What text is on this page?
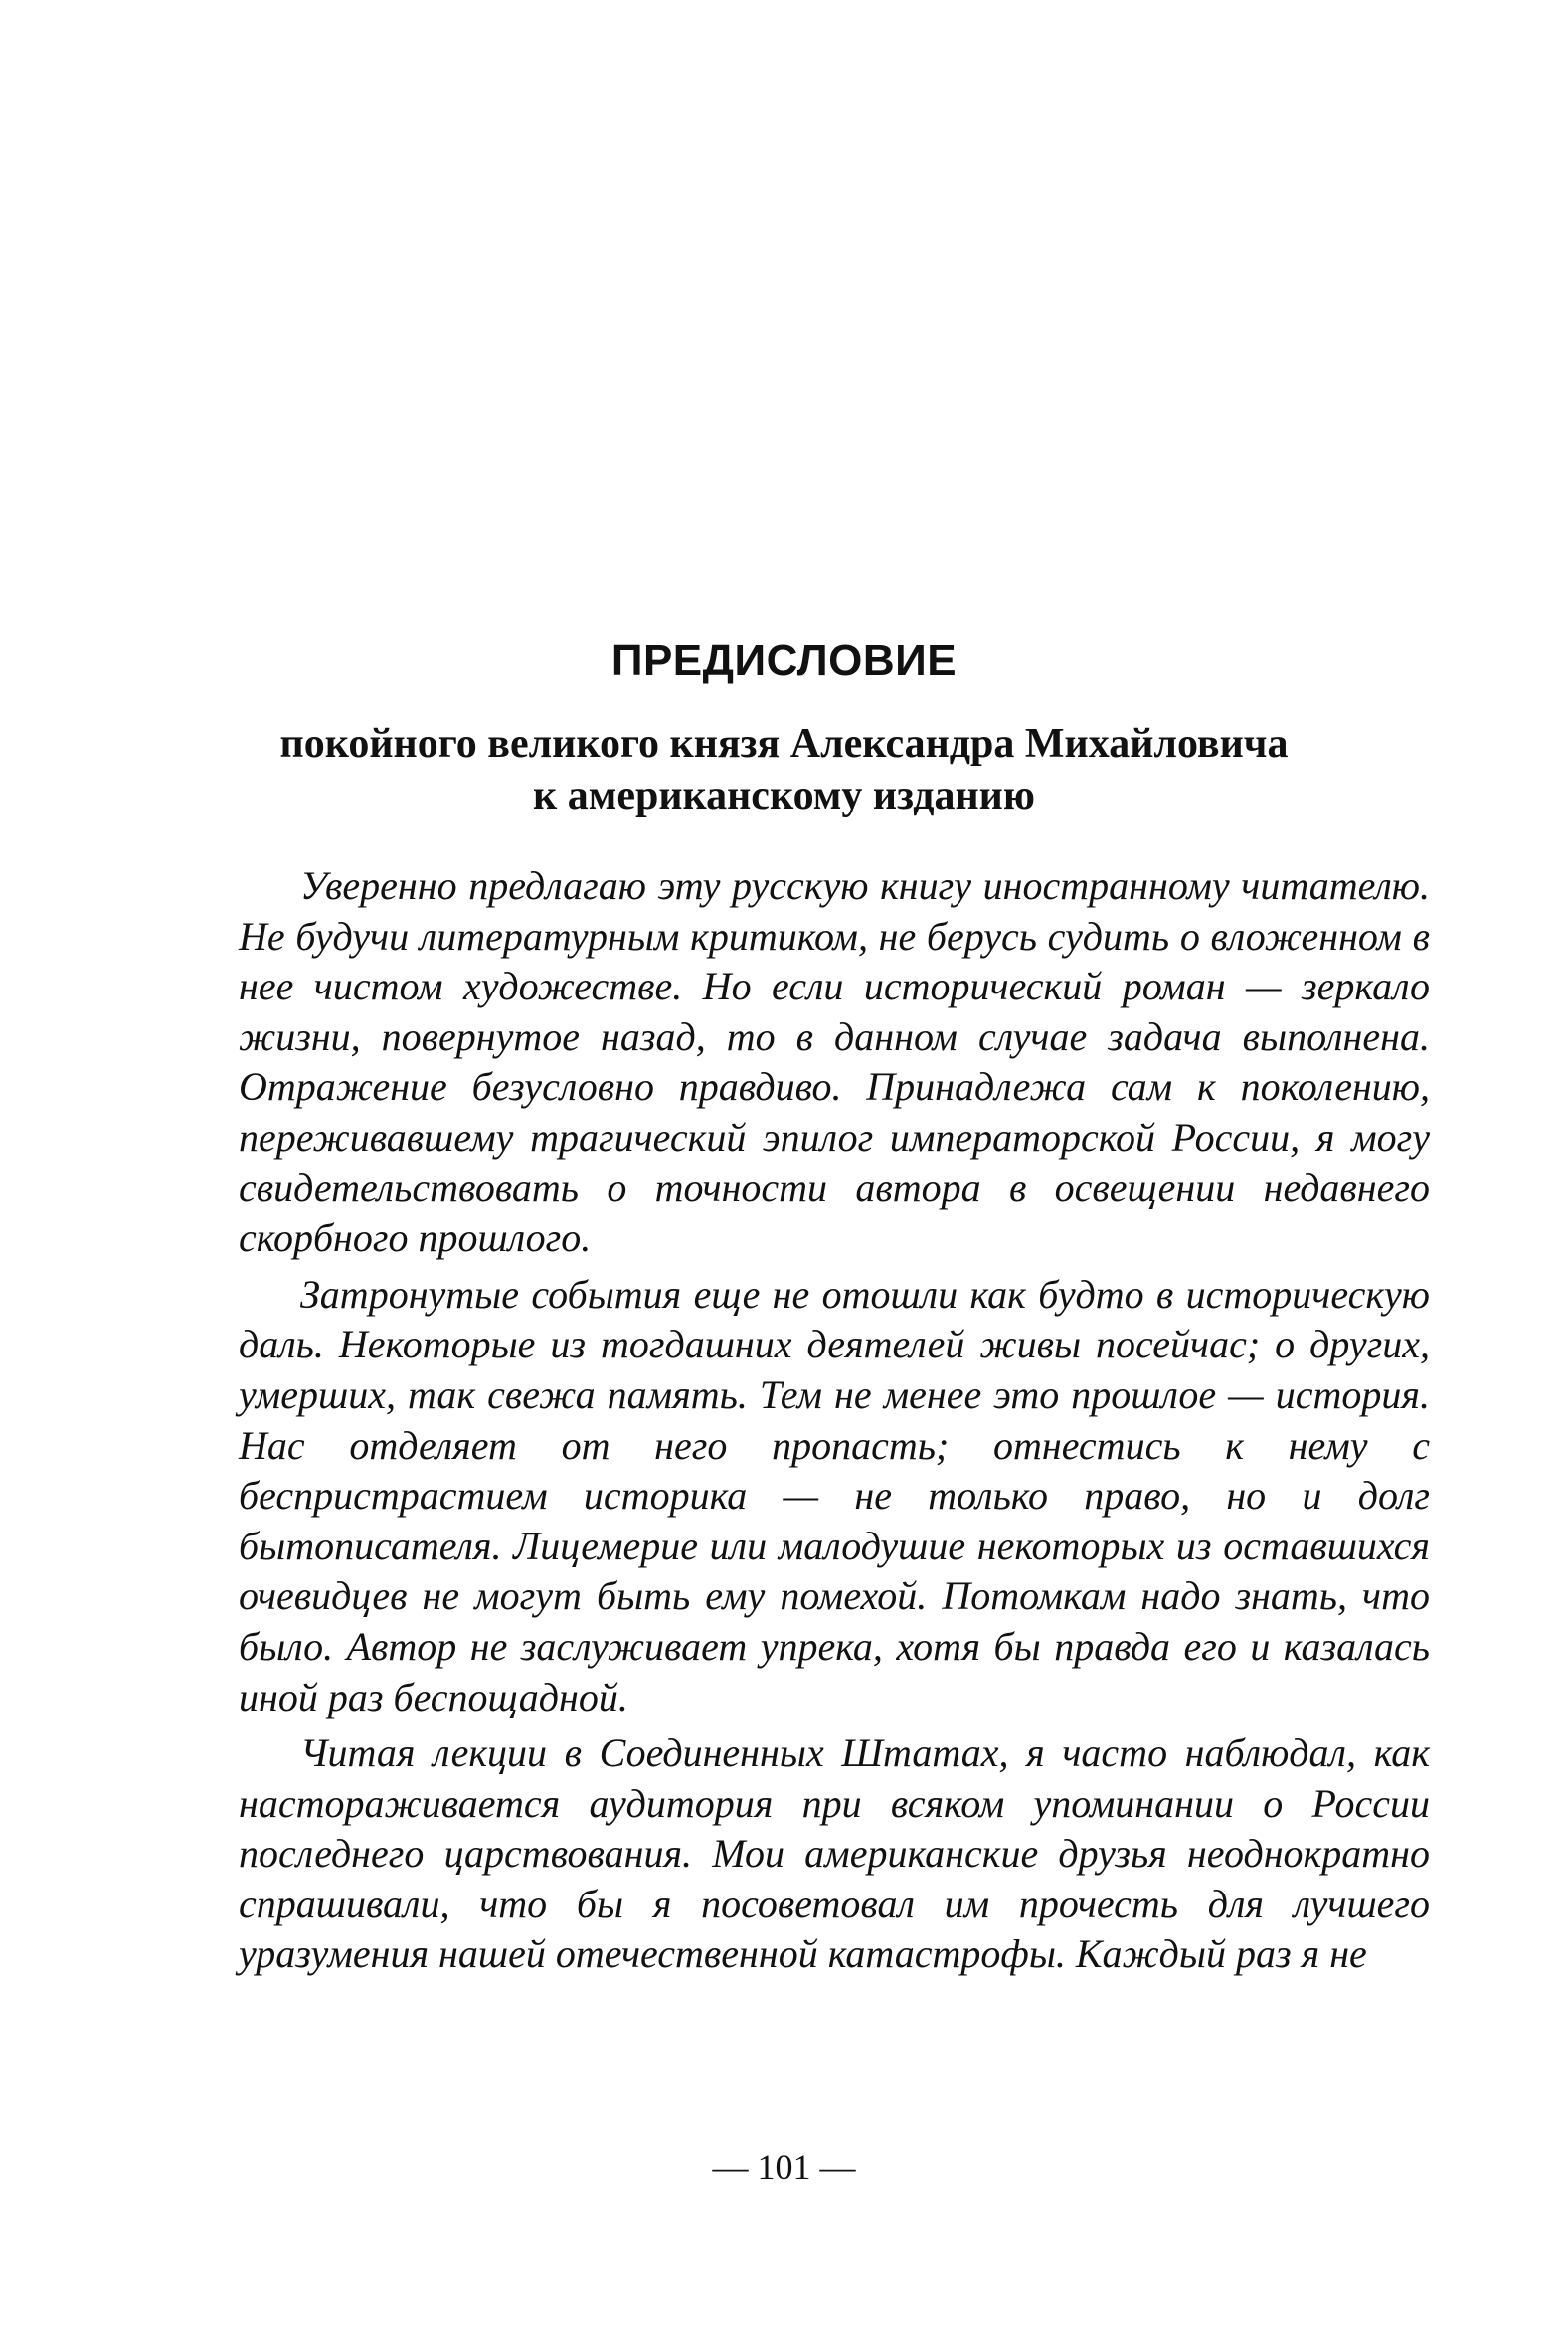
ПРЕДИСЛОВИЕ
покойного великого князя Александра Михайловича
к американскому изданию

Уверенно предлагаю эту русскую книгу иностранному читателю. Не будучи литературным критиком, не берусь судить о вложенном в нее чистом художестве. Но если исторический роман — зеркало жизни, повернутое назад, то в данном случае задача выполнена. Отражение безусловно правдиво. Принадлежа сам к поколению, переживавшему трагический эпилог императорской России, я могу свидетельствовать о точности автора в освещении недавнего скорбного прошлого.

Затронутые события еще не отошли как будто в историческую даль. Некоторые из тогдашних деятелей живы посейчас; о других, умерших, так свежа память. Тем не менее это прошлое — история. Нас отделяет от него пропасть; отнестись к нему с беспристрастием историка — не только право, но и долг бытописателя. Лицемерие или малодушие некоторых из оставшихся очевидцев не могут быть ему помехой. Потомкам надо знать, что было. Автор не заслуживает упрека, хотя бы правда его и казалась иной раз беспощадной.

Читая лекции в Соединенных Штатах, я часто наблюдал, как настораживается аудитория при всяком упоминании о России последнего царствования. Мои американские друзья неоднократно спрашивали, что бы я посоветовал им прочесть для лучшего уразумения нашей отечественной катастрофы. Каждый раз я не

— 101 —
